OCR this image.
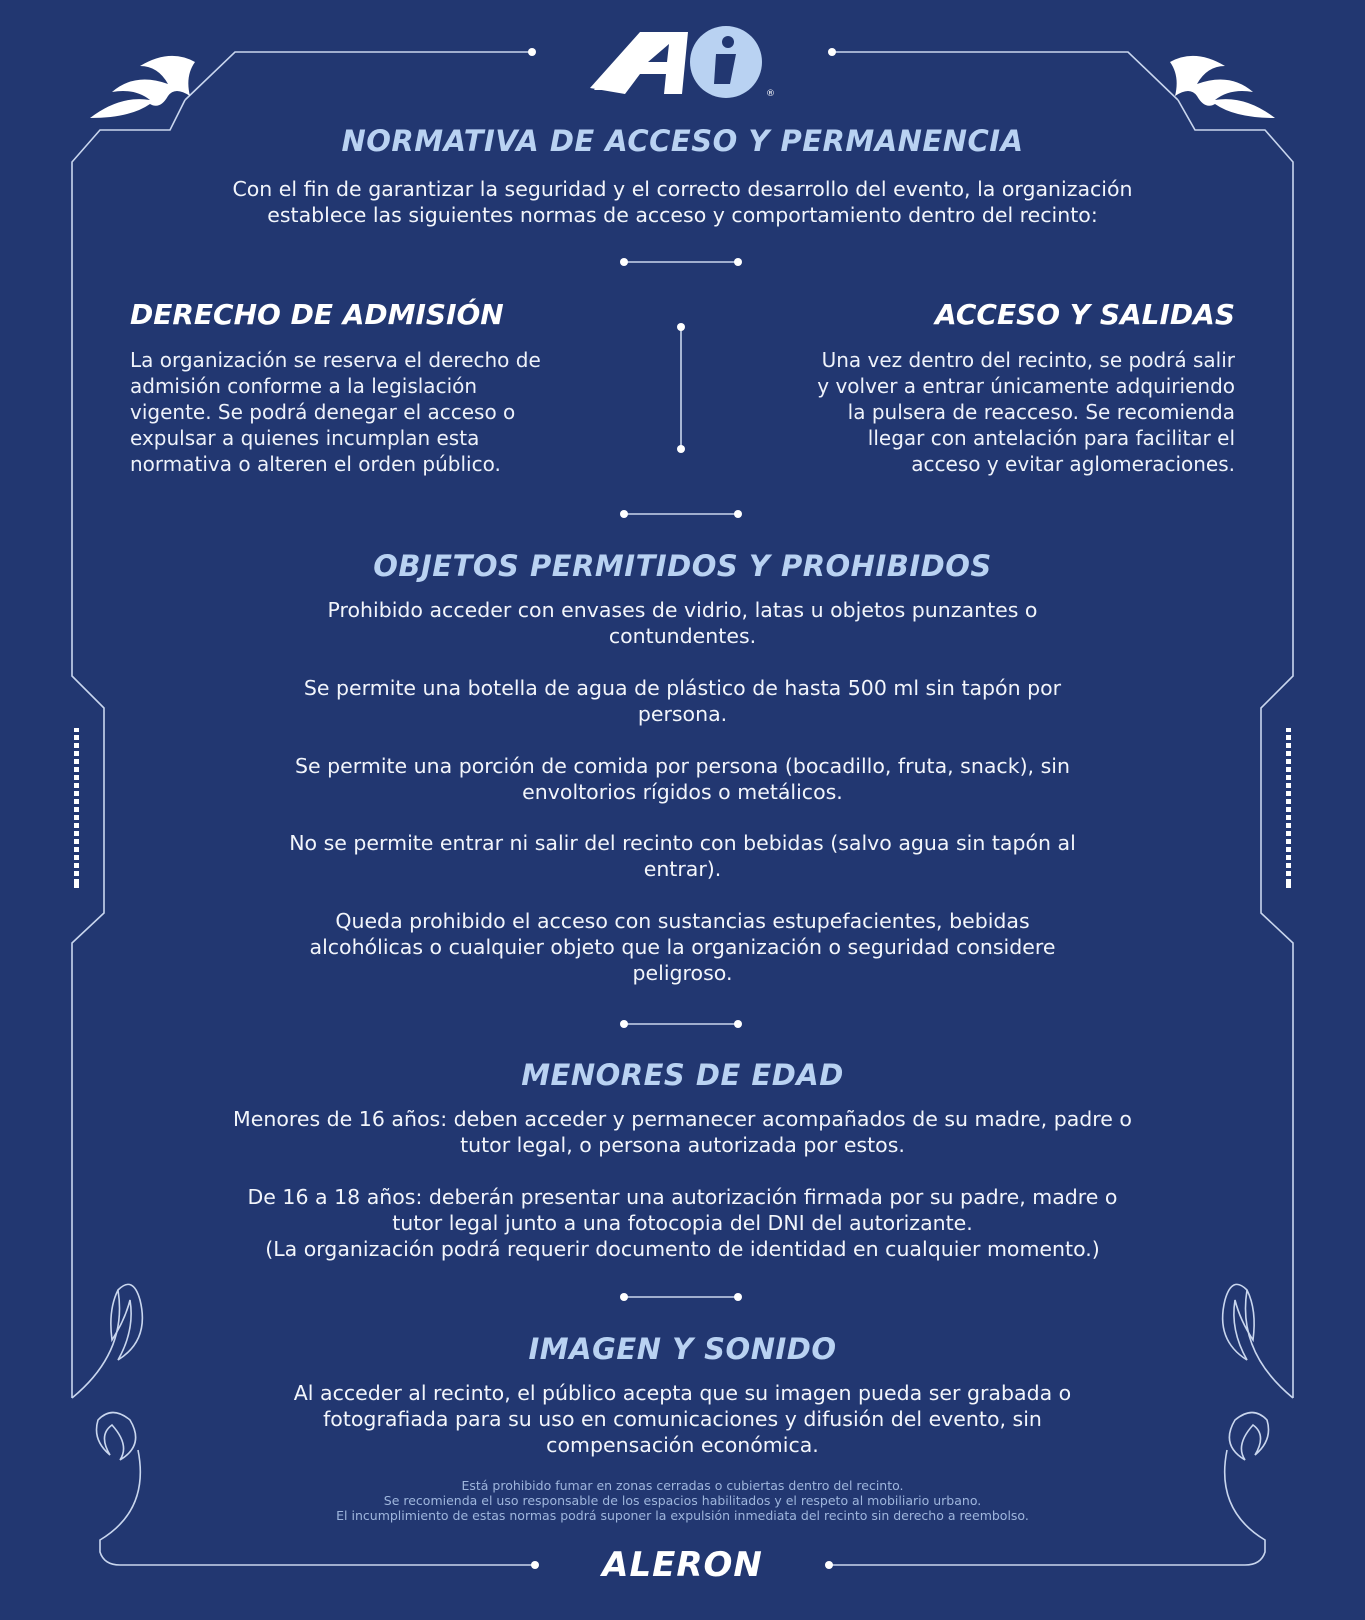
®
NORMATIVA DE ACCESO Y PERMANENCIA

Con el fin de garantizar la seguridad y el correcto desarrollo del evento, la organización
establece las siguientes normas de acceso y comportamiento dentro del recinto:

DERECHO DE ADMISIÓN	ACCESO Y SALIDAS

La organización se reserva el derecho de
admisión conforme a la legislación
vigente. Se podrá denegar el acceso o
expulsar a quienes incumplan esta
normativa o alteren el orden público.

Una vez dentro del recinto, se podrá salir
y volver a entrar únicamente adquiriendo
la pulsera de reacceso. Se recomienda
llegar con antelación para facilitar el
acceso y evitar aglomeraciones.

OBJETOS PERMITIDOS Y PROHIBIDOS

Prohibido acceder con envases de vidrio, latas u objetos punzantes o
contundentes.

Se permite una botella de agua de plástico de hasta 500 ml sin tapón por
persona.

Se permite una porción de comida por persona (bocadillo, fruta, snack), sin
envoltorios rígidos o metálicos.

No se permite entrar ni salir del recinto con bebidas (salvo agua sin tapón al
entrar).

Queda prohibido el acceso con sustancias estupefacientes, bebidas
alcohólicas o cualquier objeto que la organización o seguridad considere
peligroso.

MENORES DE EDAD

Menores de 16 años: deben acceder y permanecer acompañados de su madre, padre o
tutor legal, o persona autorizada por estos.

De 16 a 18 años: deberán presentar una autorización firmada por su padre, madre o
tutor legal junto a una fotocopia del DNI del autorizante.
(La organización podrá requerir documento de identidad en cualquier momento.)

IMAGEN Y SONIDO

Al acceder al recinto, el público acepta que su imagen pueda ser grabada o
fotografiada para su uso en comunicaciones y difusión del evento, sin
compensación económica.

Está prohibido fumar en zonas cerradas o cubiertas dentro del recinto.
Se recomienda el uso responsable de los espacios habilitados y el respeto al mobiliario urbano.
El incumplimiento de estas normas podrá suponer la expulsión inmediata del recinto sin derecho a reembolso.

ALERON
